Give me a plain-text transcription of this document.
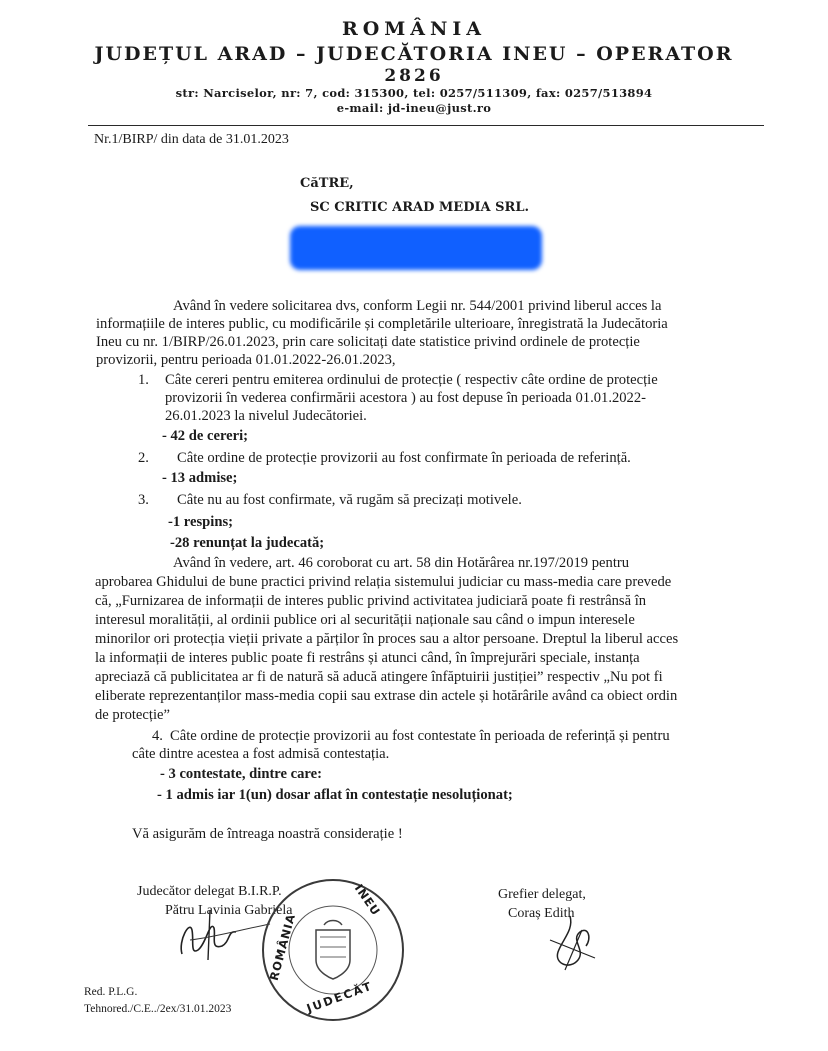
ROMÂNIA
JUDEȚUL ARAD – JUDECĂTORIA INEU – OPERATOR
2826
str: Narciselor, nr: 7, cod: 315300, tel: 0257/511309, fax: 0257/513894
e-mail: jd-ineu@just.ro
Nr.1/BIRP/ din data de 31.01.2023
CăTRE,
SC CRITIC ARAD MEDIA SRL.
Având în vedere solicitarea dvs, conform Legii nr. 544/2001 privind liberul acces la
informațiile de interes public, cu modificările și completările ulterioare, înregistrată la Judecătoria
Ineu cu nr. 1/BIRP/26.01.2023, prin care solicitați date statistice privind ordinele de protecție
provizorii, pentru perioada 01.01.2022-26.01.2023,
1. Câte cereri pentru emiterea ordinului de protecție ( respectiv câte ordine de protecție
provizorii în vederea confirmării acestora ) au fost depuse în perioada 01.01.2022-
26.01.2023 la nivelul Judecătoriei.
- 42 de cereri;
2. Câte ordine de protecție provizorii au fost confirmate în perioada de referință.
- 13 admise;
3. Câte nu au fost confirmate, vă rugăm să precizați motivele.
-1 respins;
-28 renunțat la judecată;
Având în vedere, art. 46 coroborat cu art. 58 din Hotărârea nr.197/2019 pentru
aprobarea Ghidului de bune practici privind relația sistemului judiciar cu mass-media care prevede
că, „Furnizarea de informații de interes public privind activitatea judiciară poate fi restrânsă în
interesul moralității, al ordinii publice ori al securității naționale sau când o impun interesele
minorilor ori protecția vieții private a părților în proces sau a altor persoane. Dreptul la liberul acces
la informații de interes public poate fi restrâns și atunci când, în împrejurări speciale, instanța
apreciază că publicitatea ar fi de natură să aducă atingere înfăptuirii justiției” respectiv „Nu pot fi
eliberate reprezentanților mass-media copii sau extrase din actele și hotărârile având ca obiect ordin
de protecție”
4. Câte ordine de protecție provizorii au fost contestate în perioada de referință și pentru
câte dintre acestea a fost admisă contestația.
- 3 contestate, dintre care:
- 1 admis iar 1(un) dosar aflat în contestație nesoluționat;
Vă asigurăm de întreaga noastră considerație !
Judecător delegat B.I.R.P.
Pătru Lavinia Gabriela
Grefier delegat,
Coraș Edith
INEU
ROMÂNIA
JUDECĂT
Red. P.L.G.
Tehnored./C.E../2ex/31.01.2023
